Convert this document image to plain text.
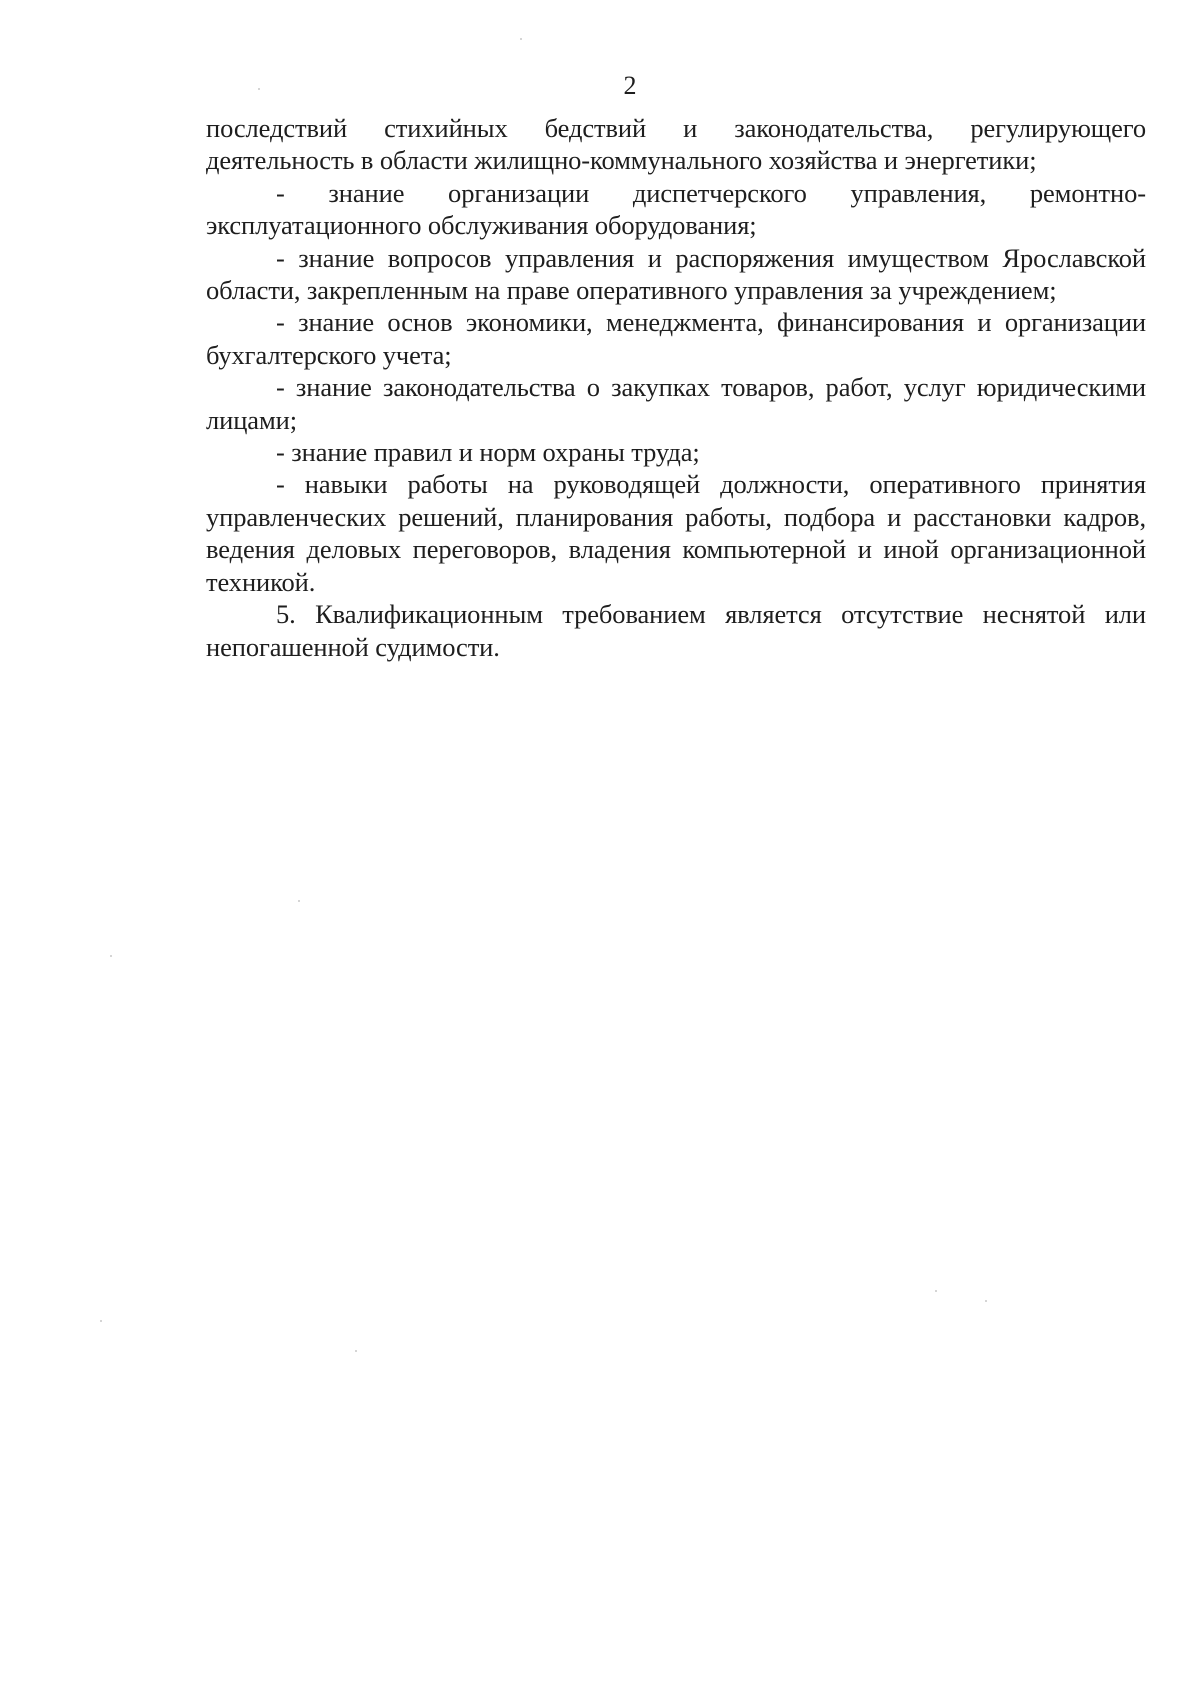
2

последствий стихийных бедствий и законодательства, регулирующего деятельность в области жилищно-коммунального хозяйства и энергетики;

- знание организации диспетчерского управления, ремонтно-эксплуатационного обслуживания оборудования;

- знание вопросов управления и распоряжения имуществом Ярославской области, закрепленным на праве оперативного управления за учреждением;

- знание основ экономики, менеджмента, финансирования и организации бухгалтерского учета;

- знание законодательства о закупках товаров, работ, услуг юридическими лицами;

- знание правил и норм охраны труда;

- навыки работы на руководящей должности, оперативного принятия управленческих решений, планирования работы, подбора и расстановки кадров, ведения деловых переговоров, владения компьютерной и иной организационной техникой.

5. Квалификационным требованием является отсутствие неснятой или непогашенной судимости.
